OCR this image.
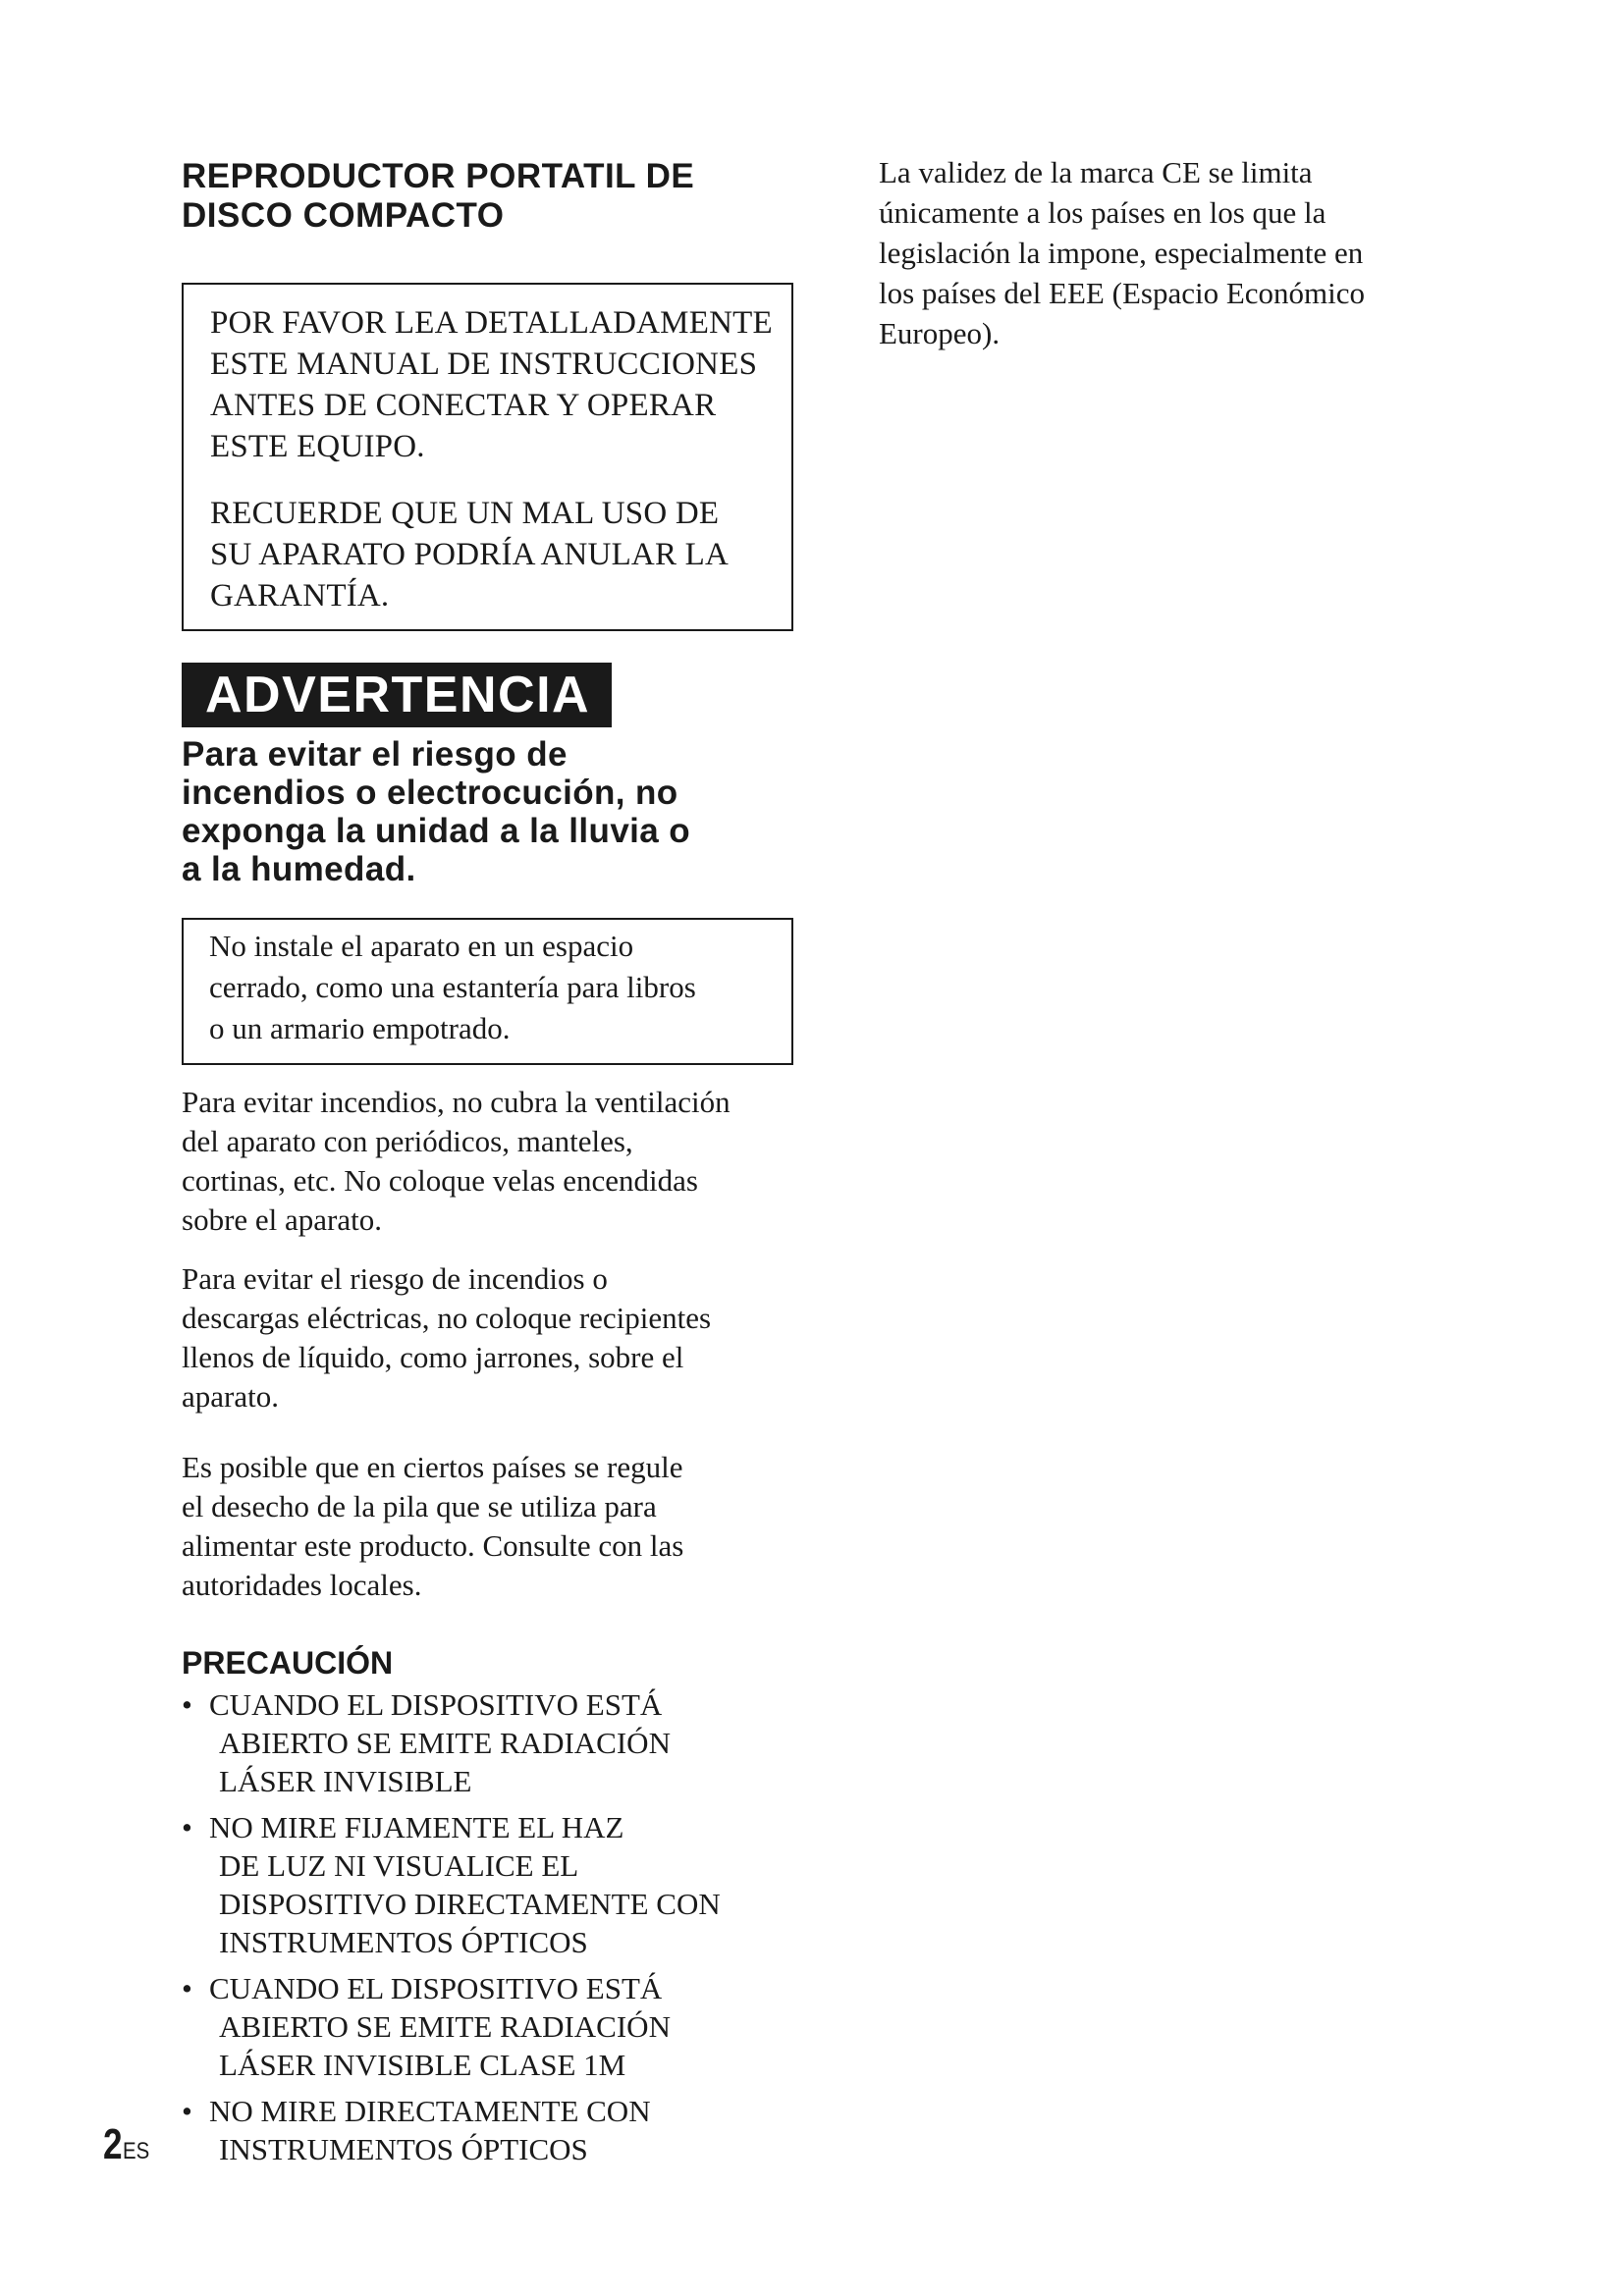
REPRODUCTOR PORTATIL DE
DISCO COMPACTO

POR FAVOR LEA DETALLADAMENTE
ESTE MANUAL DE INSTRUCCIONES
ANTES DE CONECTAR Y OPERAR
ESTE EQUIPO.

RECUERDE QUE UN MAL USO DE
SU APARATO PODRÍA ANULAR LA
GARANTÍA.

ADVERTENCIA
Para evitar el riesgo de
incendios o electrocución, no
exponga la unidad a la lluvia o
a la humedad.
No instale el aparato en un espacio
cerrado, como una estantería para libros
o un armario empotrado.

Para evitar incendios, no cubra la ventilación
del aparato con periódicos, manteles,
cortinas, etc. No coloque velas encendidas
sobre el aparato.

Para evitar el riesgo de incendios o
descargas eléctricas, no coloque recipientes
llenos de líquido, como jarrones, sobre el
aparato.

Es posible que en ciertos países se regule
el desecho de la pila que se utiliza para
alimentar este producto. Consulte con las
autoridades locales.

PRECAUCIÓN
• CUANDO EL DISPOSITIVO ESTÁ
ABIERTO SE EMITE RADIACIÓN
LÁSER INVISIBLE
• NO MIRE FIJAMENTE EL HAZ
DE LUZ NI VISUALICE EL
DISPOSITIVO DIRECTAMENTE CON
INSTRUMENTOS ÓPTICOS
• CUANDO EL DISPOSITIVO ESTÁ
ABIERTO SE EMITE RADIACIÓN
LÁSER INVISIBLE CLASE 1M
• NO MIRE DIRECTAMENTE CON
INSTRUMENTOS ÓPTICOS

La validez de la marca CE se limita
únicamente a los países en los que la
legislación la impone, especialmente en
los países del EEE (Espacio Económico
Europeo).

2ES
